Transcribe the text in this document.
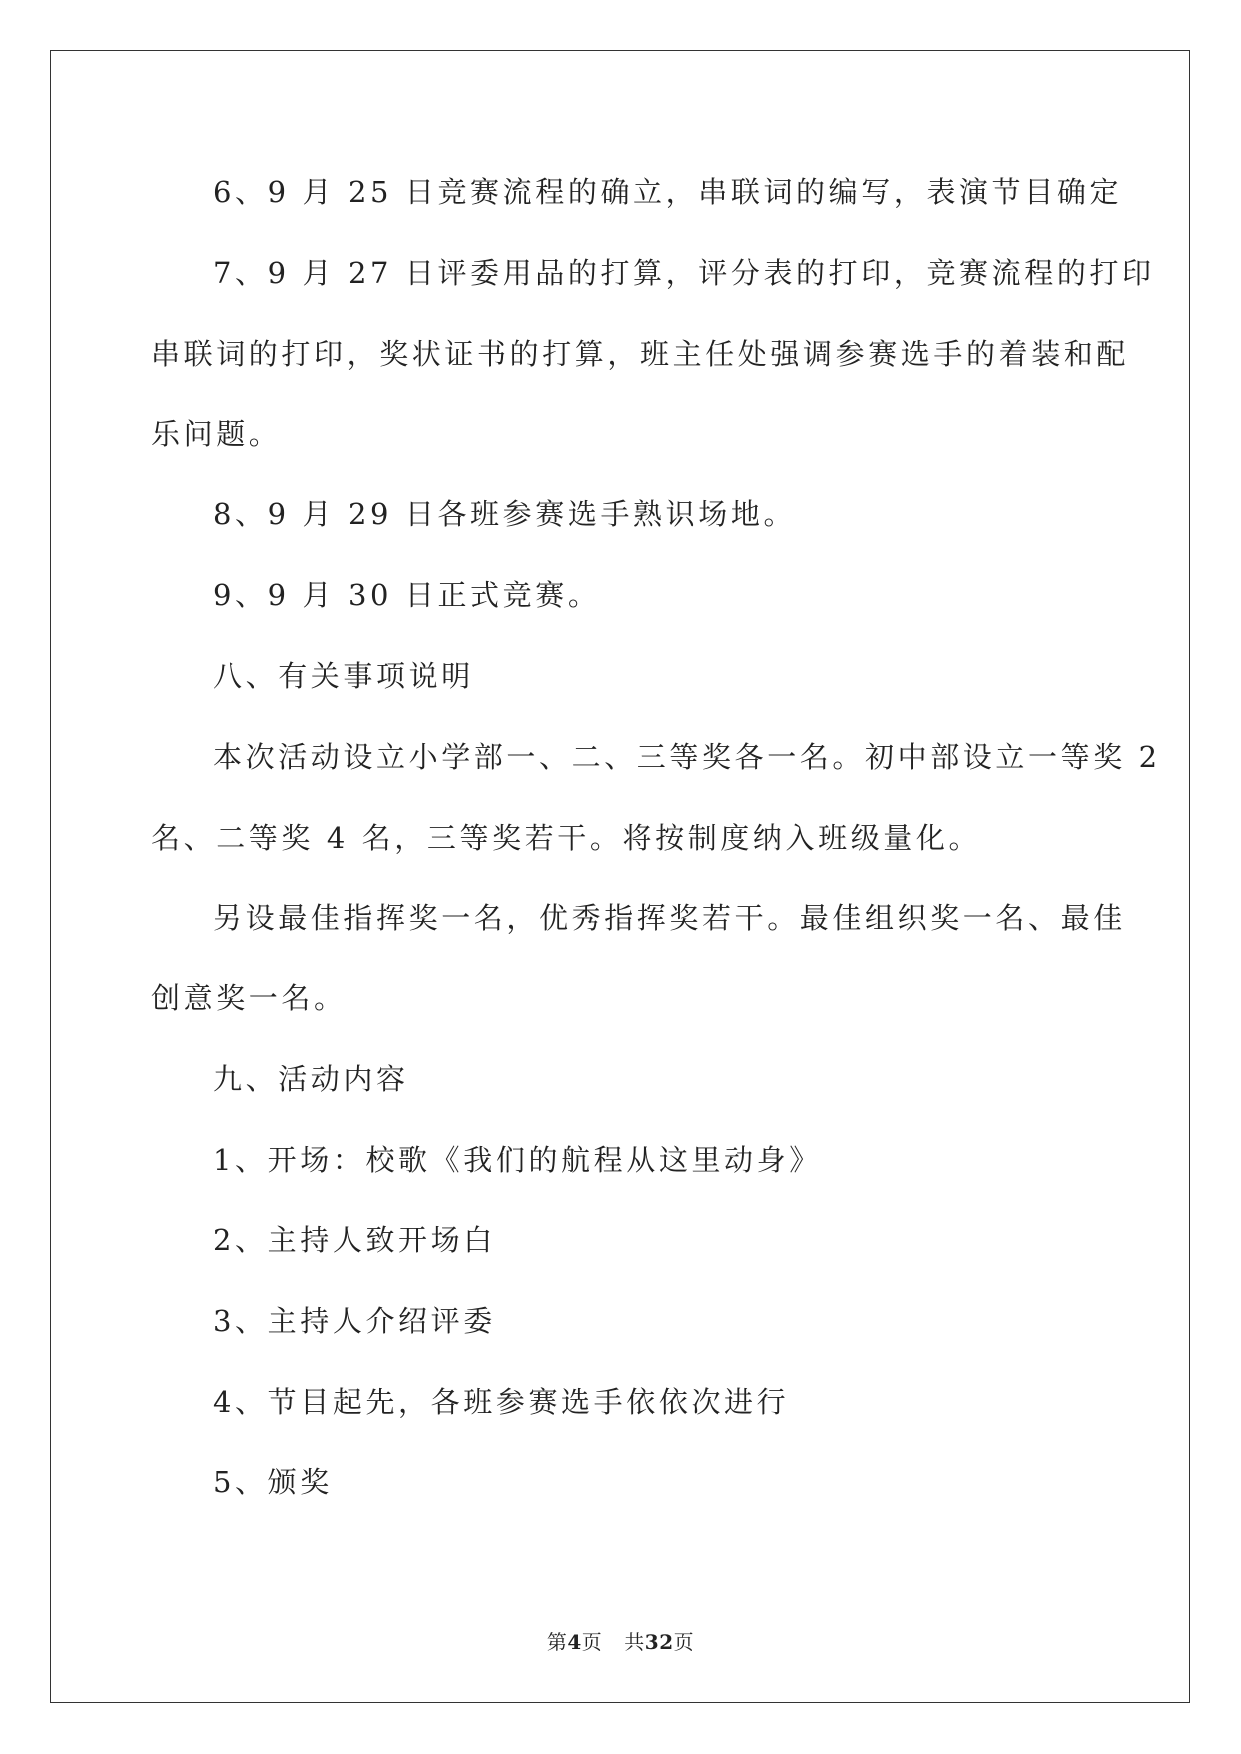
6、9 月 25 日竞赛流程的确立，串联词的编写，表演节目确定
7、9 月 27 日评委用品的打算，评分表的打印，竞赛流程的打印
串联词的打印，奖状证书的打算，班主任处强调参赛选手的着装和配
乐问题。
8、9 月 29 日各班参赛选手熟识场地。
9、9 月 30 日正式竞赛。
八、有关事项说明
本次活动设立小学部一、二、三等奖各一名。初中部设立一等奖 2
名、二等奖 4 名，三等奖若干。将按制度纳入班级量化。
另设最佳指挥奖一名，优秀指挥奖若干。最佳组织奖一名、最佳
创意奖一名。
九、活动内容
1、开场：校歌《我们的航程从这里动身》
2、主持人致开场白
3、主持人介绍评委
4、节目起先，各班参赛选手依依次进行
5、颁奖
第4页 共32页
